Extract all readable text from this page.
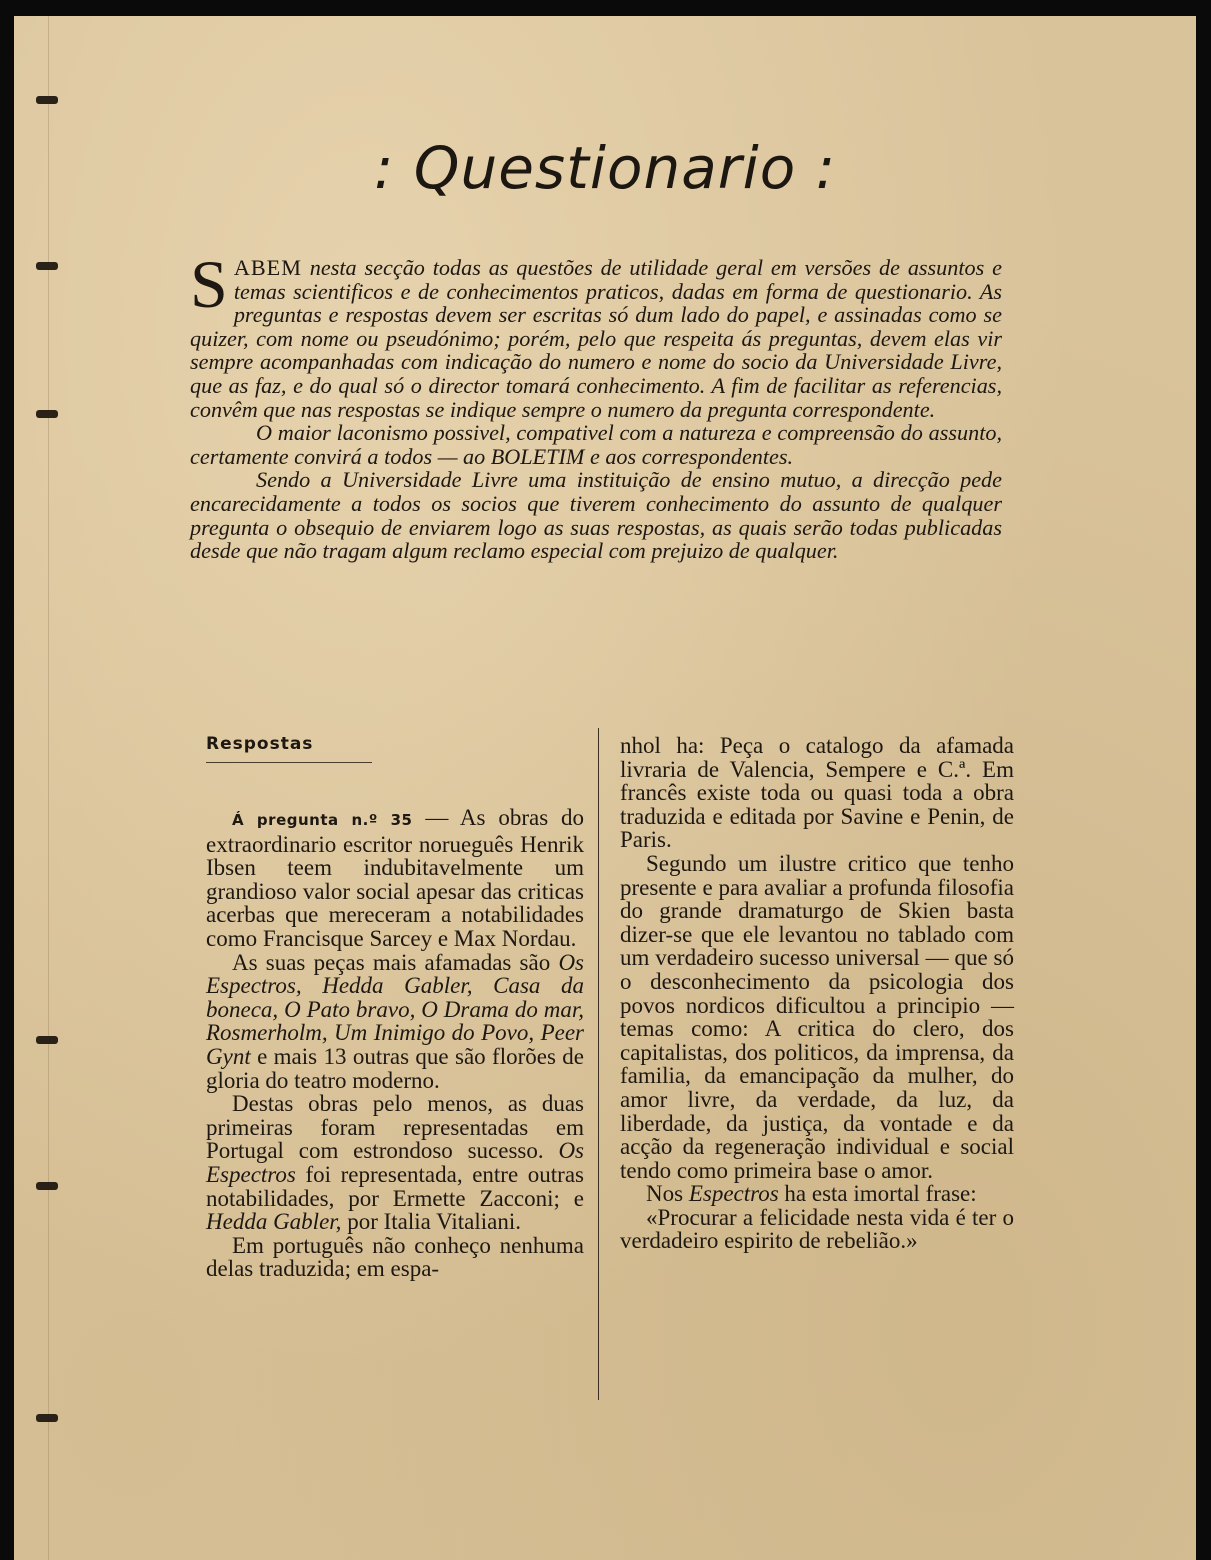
: Questionario :

SABEM nesta secção todas as questões de utilidade geral em versões de assuntos e temas scientificos e de conhecimentos praticos, dadas em forma de questionario. As preguntas e respostas devem ser escritas só dum lado do papel, e assinadas como se quizer, com nome ou pseudónimo; porém, pelo que respeita ás preguntas, devem elas vir sempre acompanhadas com indicação do numero e nome do socio da Universidade Livre, que as faz, e do qual só o director tomará conhecimento. A fim de facilitar as referencias, convêm que nas respostas se indique sempre o numero da pregunta correspondente.

O maior laconismo possivel, compativel com a natureza e compreensão do assunto, certamente convirá a todos — ao BOLETIM e aos correspondentes.

Sendo a Universidade Livre uma instituição de ensino mutuo, a direcção pede encarecidamente a todos os socios que tiverem conhecimento do assunto de qualquer pregunta o obsequio de enviarem logo as suas respostas, as quais serão todas publicadas desde que não tragam algum reclamo especial com prejuizo de qualquer.

Respostas

Á pregunta n.º 35 — As obras do extraordinario escritor norueguês Henrik Ibsen teem indubitavelmente um grandioso valor social apesar das criticas acerbas que mereceram a notabilidades como Francisque Sarcey e Max Nordau.

As suas peças mais afamadas são Os Espectros, Hedda Gabler, Casa da boneca, O Pato bravo, O Drama do mar, Rosmerholm, Um Inimigo do Povo, Peer Gynt e mais 13 outras que são florões de gloria do teatro moderno.

Destas obras pelo menos, as duas primeiras foram representadas em Portugal com estrondoso sucesso. Os Espectros foi representada, entre outras notabilidades, por Ermette Zacconi; e Hedda Gabler, por Italia Vitaliani.

Em português não conheço nenhuma delas traduzida; em espa-

nhol ha: Peça o catalogo da afamada livraria de Valencia, Sempere e C.ª. Em francês existe toda ou quasi toda a obra traduzida e editada por Savine e Penin, de Paris.

Segundo um ilustre critico que tenho presente e para avaliar a profunda filosofia do grande dramaturgo de Skien basta dizer-se que ele levantou no tablado com um verdadeiro sucesso universal — que só o desconhecimento da psicologia dos povos nordicos dificultou a principio — temas como: A critica do clero, dos capitalistas, dos politicos, da imprensa, da familia, da emancipação da mulher, do amor livre, da verdade, da luz, da liberdade, da justiça, da vontade e da acção da regeneração individual e social tendo como primeira base o amor.

Nos Espectros ha esta imortal frase:

«Procurar a felicidade nesta vida é ter o verdadeiro espirito de rebelião.»
